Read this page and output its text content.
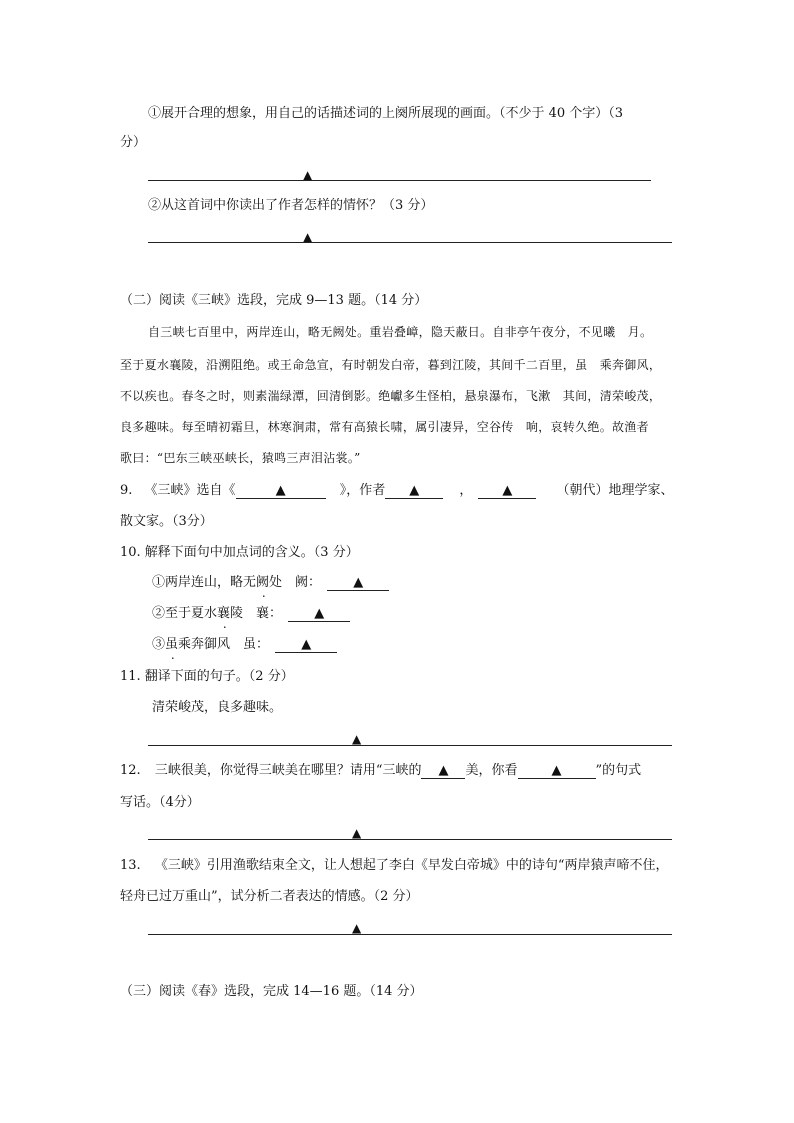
①展开合理的想象，用自己的话描述词的上阕所展现的画面。（不少于 40 个字）（3
分）
▲
②从这首词中你读出了作者怎样的情怀？（3 分）
▲
（二）阅读《三峡》选段，完成 9—13 题。（14 分）
自三峡七百里中，两岸连山，略无阙处。重岩叠嶂，隐天蔽日。自非亭午夜分，不见曦　月。
至于夏水襄陵，沿溯阻绝。或王命急宣，有时朝发白帝，暮到江陵，其间千二百里，虽　乘奔御风，
不以疾也。春冬之时，则素湍绿潭，回清倒影。绝巘多生怪柏，悬泉瀑布，飞漱　其间，清荣峻茂，
良多趣味。每至晴初霜旦，林寒涧肃，常有高猿长啸，属引凄异，空谷传　响，哀转久绝。故渔者
歌曰：“巴东三峡巫峡长，猿鸣三声泪沾裳。”
9. 《三峡》选自《	▲	》，作者 ▲	， ▲	（朝代）地理学家、
散文家。（3分）
10. 解释下面句中加点词的含义。（3 分）
①两岸连山，略无阙处　阙： ▲
②至于夏水襄陵　襄： ▲
③虽乘奔御风　虽： ▲
11. 翻译下面的句子。（2 分）
清荣峻茂，良多趣味。
▲
12. 三峡很美，你觉得三峡美在哪里？请用“三峡的 ▲ 美，你看	▲	”的句式
写话。（4分）
▲
13. 《三峡》引用渔歌结束全文，让人想起了李白《早发白帝城》中的诗句“两岸猿声啼不住，
轻舟已过万重山”，试分析二者表达的情感。（2 分）
▲
（三）阅读《春》选段，完成 14—16 题。（14 分）
